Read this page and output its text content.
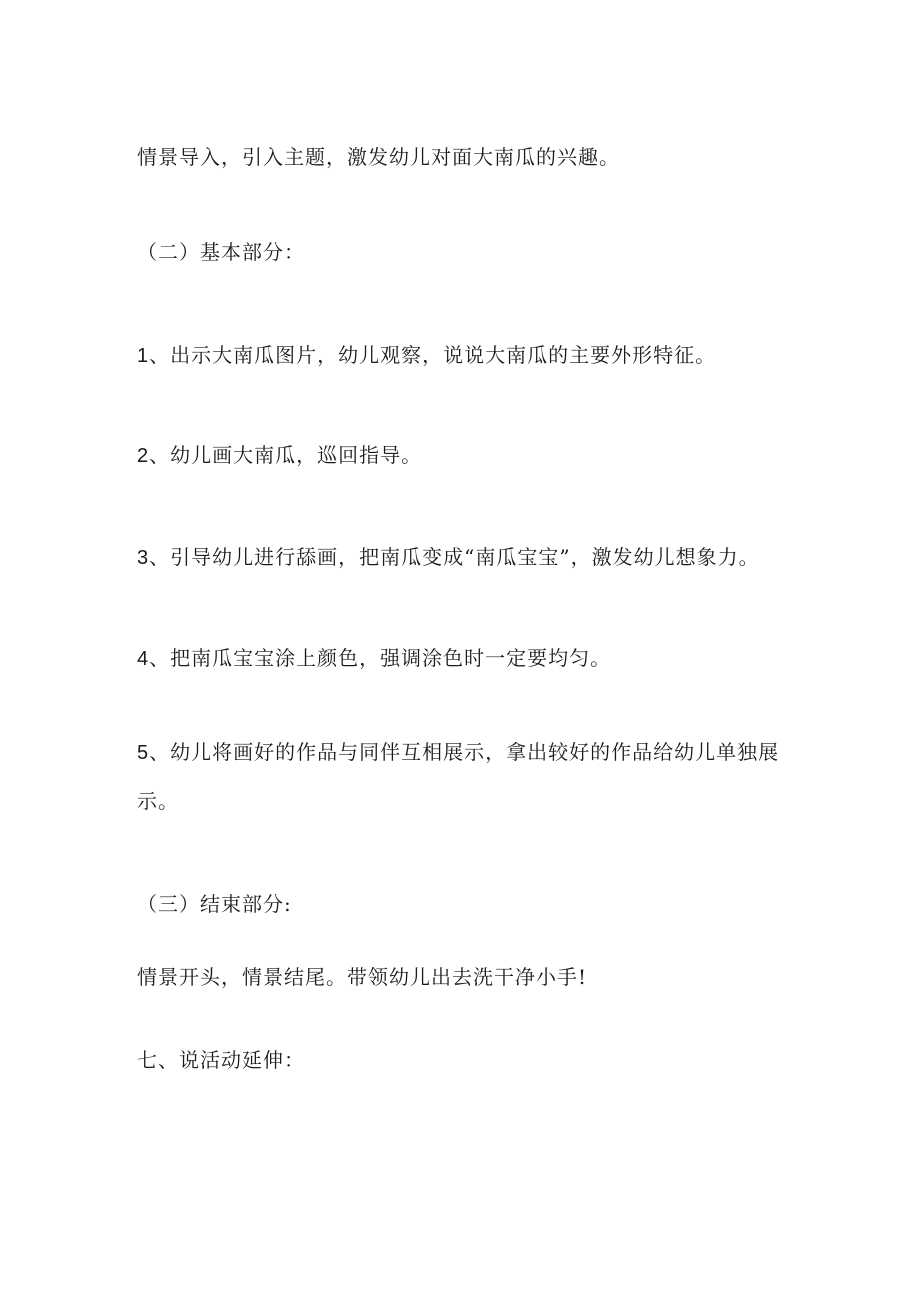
情景导入，引入主题，激发幼儿对面大南瓜的兴趣。
（二）基本部分：
1、出示大南瓜图片，幼儿观察，说说大南瓜的主要外形特征。
2、幼儿画大南瓜，巡回指导。
3、引导幼儿进行舔画，把南瓜变成“南瓜宝宝”，激发幼儿想象力。
4、把南瓜宝宝涂上颜色，强调涂色时一定要均匀。
5、幼儿将画好的作品与同伴互相展示，拿出较好的作品给幼儿单独展
示。
（三）结束部分:
情景开头，情景结尾。带领幼儿出去洗干净小手!
七、说活动延伸：
